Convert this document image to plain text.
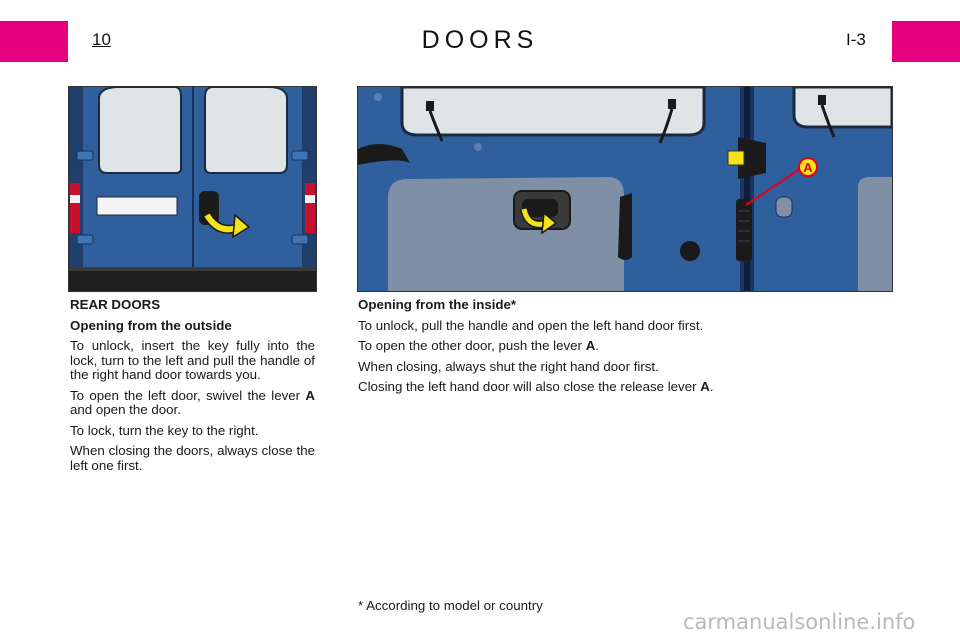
10	DOORS	I-3
A

REAR DOORS

Opening from the outside

To unlock, insert the key fully into the lock, turn to the left and pull the handle of the right hand door towards you.

To open the left door, swivel the lever A and open the door.

To lock, turn the key to the right.

When closing the doors, always close the left one first.

Opening from the inside*

To unlock, pull the handle and open the left hand door first.

To open the other door, push the lever A.

When closing, always shut the right hand door first.

Closing the left hand door will also close the release lever A.

* According to model or country
carmanualsonline.info
